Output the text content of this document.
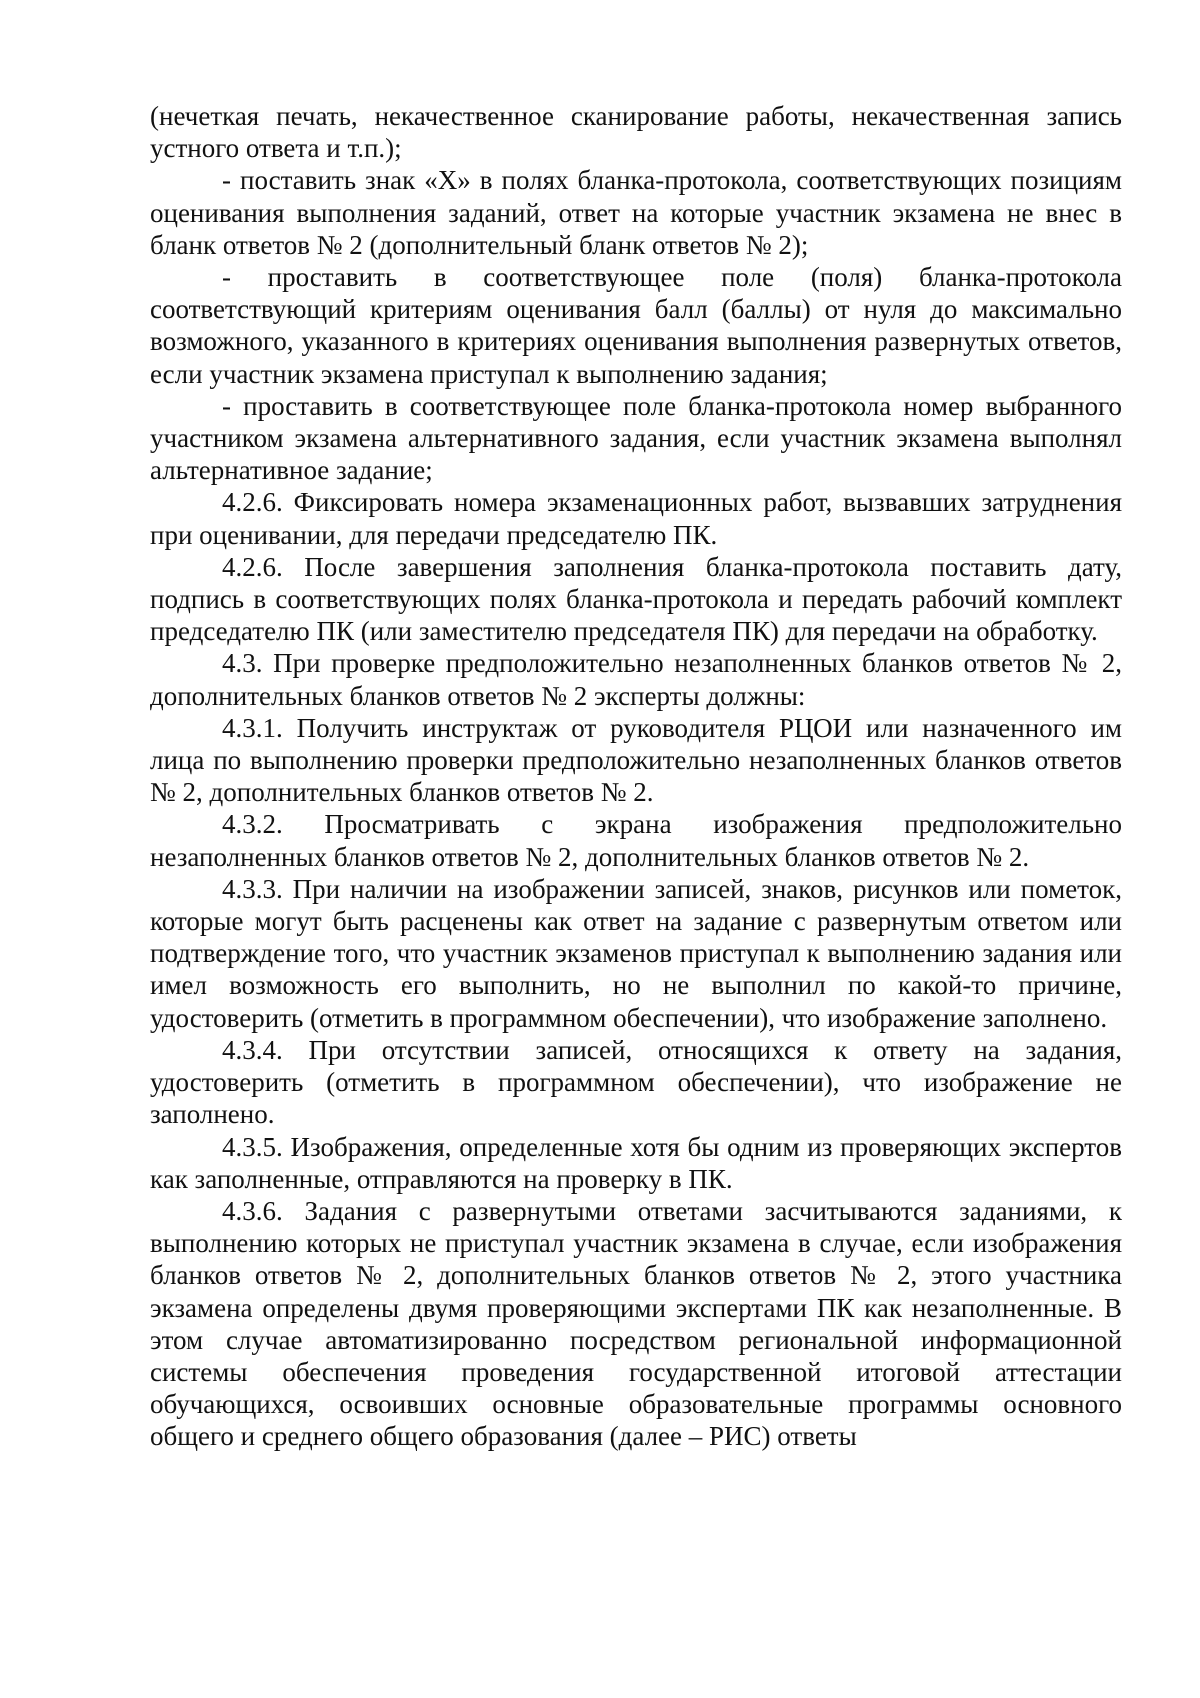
(нечеткая печать, некачественное сканирование работы, некачественная запись устного ответа и т.п.);

- поставить знак «Х» в полях бланка-протокола, соответствующих позициям оценивания выполнения заданий, ответ на которые участник экзамена не внес в бланк ответов № 2 (дополнительный бланк ответов № 2);

- проставить в соответствующее поле (поля) бланка-протокола соответствующий критериям оценивания балл (баллы) от нуля до максимально возможного, указанного в критериях оценивания выполнения развернутых ответов, если участник экзамена приступал к выполнению задания;

- проставить в соответствующее поле бланка-протокола номер выбранного участником экзамена альтернативного задания, если участник экзамена выполнял альтернативное задание;

4.2.6. Фиксировать номера экзаменационных работ, вызвавших затруднения при оценивании, для передачи председателю ПК.

4.2.6. После завершения заполнения бланка-протокола поставить дату, подпись в соответствующих полях бланка-протокола и передать рабочий комплект председателю ПК (или заместителю председателя ПК) для передачи на обработку.

4.3. При проверке предположительно незаполненных бланков ответов № 2, дополнительных бланков ответов № 2 эксперты должны:

4.3.1. Получить инструктаж от руководителя РЦОИ или назначенного им лица по выполнению проверки предположительно незаполненных бланков ответов № 2, дополнительных бланков ответов № 2.

4.3.2. Просматривать с экрана изображения предположительно незаполненных бланков ответов № 2, дополнительных бланков ответов № 2.

4.3.3. При наличии на изображении записей, знаков, рисунков или пометок, которые могут быть расценены как ответ на задание с развернутым ответом или подтверждение того, что участник экзаменов приступал к выполнению задания или имел возможность его выполнить, но не выполнил по какой-то причине, удостоверить (отметить в программном обеспечении), что изображение заполнено.

4.3.4. При отсутствии записей, относящихся к ответу на задания, удостоверить (отметить в программном обеспечении), что изображение не заполнено.

4.3.5. Изображения, определенные хотя бы одним из проверяющих экспертов как заполненные, отправляются на проверку в ПК.

4.3.6. Задания с развернутыми ответами засчитываются заданиями, к выполнению которых не приступал участник экзамена в случае, если изображения бланков ответов № 2, дополнительных бланков ответов № 2, этого участника экзамена определены двумя проверяющими экспертами ПК как незаполненные. В этом случае автоматизированно посредством региональной информационной системы обеспечения проведения государственной итоговой аттестации обучающихся, освоивших основные образовательные программы основного общего и среднего общего образования (далее – РИС) ответы
